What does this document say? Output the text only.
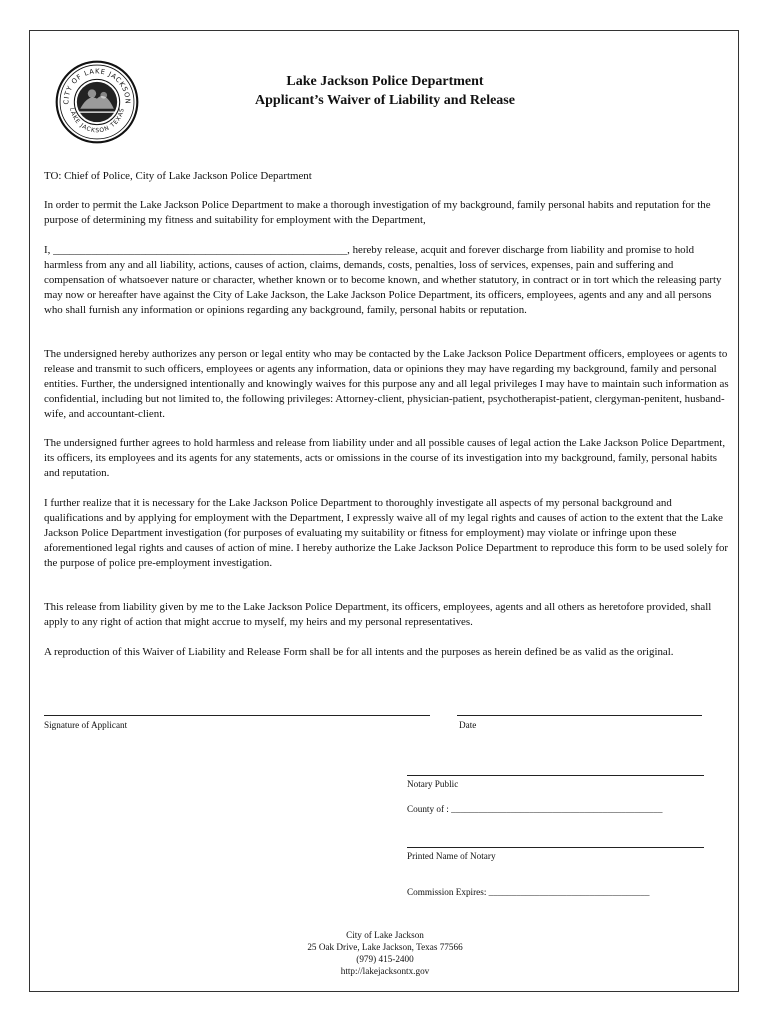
CITY OF LAKE JACKSON
LAKE JACKSON TEXAS
Lake Jackson Police Department
Applicant’s Waiver of Liability and Release

TO: Chief of Police, City of Lake Jackson Police Department

In order to permit the Lake Jackson Police Department to make a thorough investigation of my background, family personal habits and reputation for the purpose of determining my fitness and suitability for employment with the Department,

I, ______________________________________________________, hereby release, acquit and forever discharge from liability and promise to hold harmless from any and all liability, actions, causes of action, claims, demands, costs, penalties, loss of services, expenses, pain and suffering and compensation of whatsoever nature or character, whether known or to become known, and whether statutory, in contract or in tort which the releasing party may now or hereafter have against the City of Lake Jackson, the Lake Jackson Police Department, its officers, employees, agents and any and all persons who shall furnish any information or opinions regarding any background, family, personal habits or reputation.

The undersigned hereby authorizes any person or legal entity who may be contacted by the Lake Jackson Police Department officers, employees or agents to release and transmit to such officers, employees or agents any information, data or opinions they may have regarding my background, family and personal entities. Further, the undersigned intentionally and knowingly waives for this purpose any and all legal privileges I may have to maintain such information as confidential, including but not limited to, the following privileges: Attorney-client, physician-patient, psychotherapist-patient, clergyman-penitent, husband-wife, and accountant-client.

The undersigned further agrees to hold harmless and release from liability under and all possible causes of legal action the Lake Jackson Police Department, its officers, its employees and its agents for any statements, acts or omissions in the course of its investigation into my background, family, personal habits and reputation.

I further realize that it is necessary for the Lake Jackson Police Department to thoroughly investigate all aspects of my personal background and qualifications and by applying for employment with the Department, I expressly waive all of my legal rights and causes of action to the extent that the Lake Jackson Police Department investigation (for purposes of evaluating my suitability or fitness for employment) may violate or infringe upon these aforementioned legal rights and causes of action of mine. I hereby authorize the Lake Jackson Police Department to reproduce this form to be used solely for the purpose of police pre-employment investigation.

This release from liability given by me to the Lake Jackson Police Department, its officers, employees, agents and all others as heretofore provided, shall apply to any right of action that might accrue to myself, my heirs and my personal representatives.

A reproduction of this Waiver of Liability and Release Form shall be for all intents and the purposes as herein defined be as valid as the original.

Signature of Applicant	Date
Notary Public
County of : ______________________________________________
Printed Name of Notary
Commission Expires: ___________________________________
City of Lake Jackson
25 Oak Drive, Lake Jackson, Texas 77566
(979) 415-2400
http://lakejacksontx.gov
